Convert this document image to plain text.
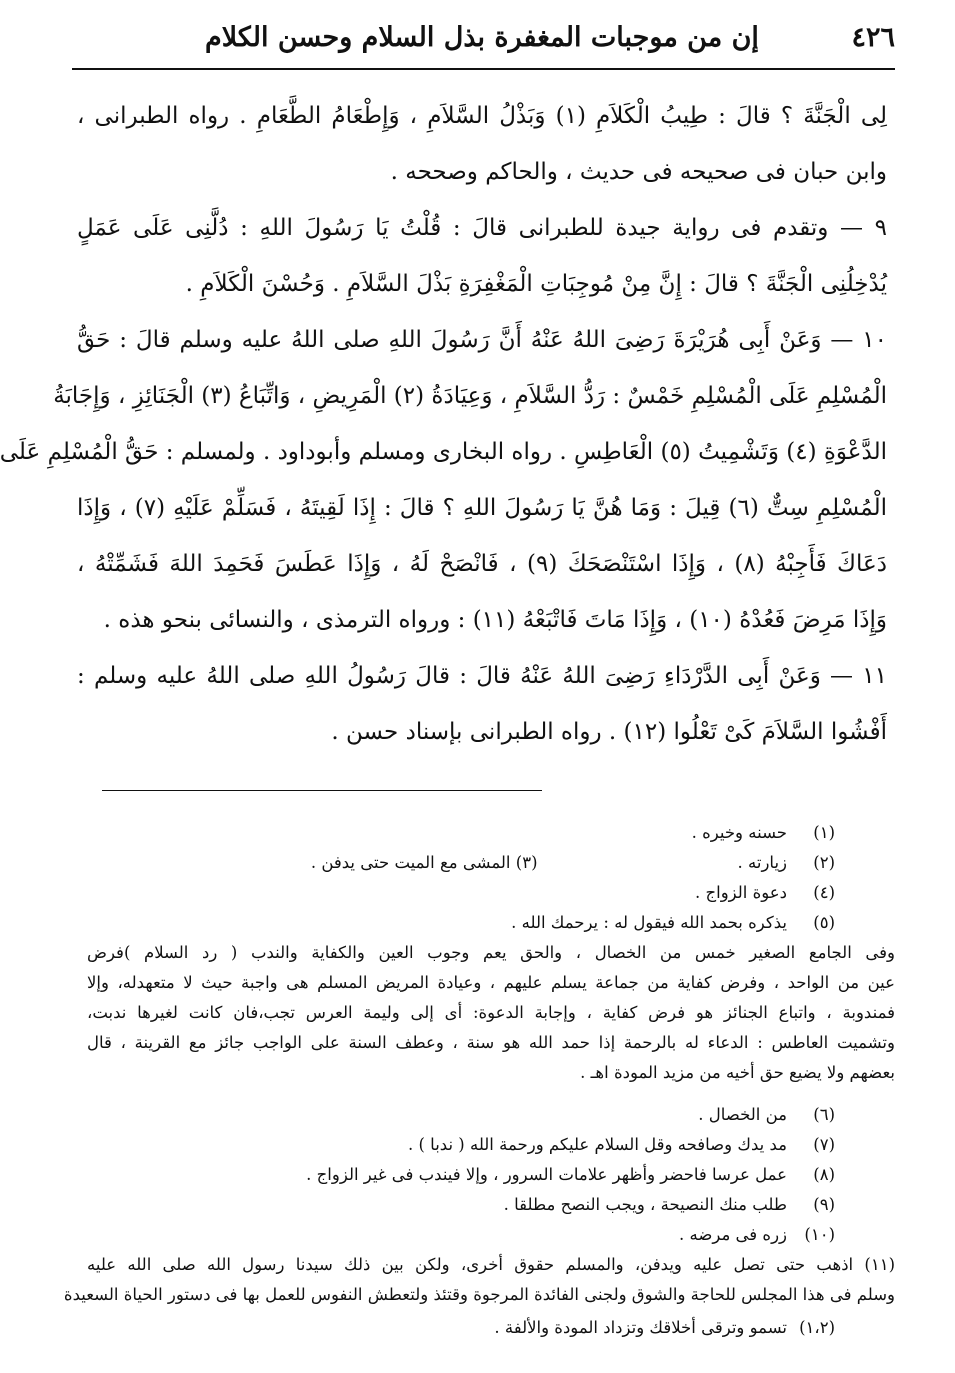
٤٢٦
إن من موجبات المغفرة بذل السلام وحسن الكلام
لِى الْجَنَّةَ ؟ قالَ : طِيبُ الْكَلاَمِ (١) وَبَذْلُ السَّلاَمِ ، وَإِطْعَامُ الطَّعَامِ . رواه الطبرانى ،
وابن حبان فى صحيحه فى حديث ، والحاكم وصححه .
٩ — وتقدم فى رواية جيدة للطبرانى قالَ : قُلْتُ يَا رَسُولَ اللهِ : دُلَّنِى عَلَى عَمَلٍ
يُدْخِلُنِى الْجَنَّةَ ؟ قالَ : إِنَّ مِنْ مُوجِبَاتِ الْمَغْفِرَةِ بَذْلَ السَّلاَمِ . وَحُسْنَ الْكَلاَمِ .
١٠ — وَعَنْ أَبِى هُرَيْرَةَ رَضِىَ اللهُ عَنْهُ أَنَّ رَسُولَ اللهِ صلى اللهُ عليه وسلم قالَ : حَقُّ
الْمُسْلِمِ عَلَى الْمُسْلِمِ خَمْسٌ : رَدُّ السَّلاَمِ ، وَعِيَادَةُ (٢) الْمَرِيضِ ، وَاتِّبَاعُ (٣) الْجَنَائِزِ ، وَإِجَابَةُ
الدَّعْوَةِ (٤) وَتَشْمِيتُ (٥) الْعَاطِسِ . رواه البخارى ومسلم وأبوداود . ولمسلم : حَقُّ الْمُسْلِمِ عَلَى
الْمُسْلِمِ سِتٌّ (٦) قِيلَ : وَمَا هُنَّ يَا رَسُولَ اللهِ ؟ قالَ : إِذَا لَقِيتَهُ ، فَسَلِّمْ عَلَيْهِ (٧) ، وَإِذَا
دَعَاكَ فَأَجِبْهُ (٨) ، وَإِذَا اسْتَنْصَحَكَ (٩) ، فَانْصَحْ لَهُ ، وَإِذَا عَطَسَ فَحَمِدَ اللهَ فَشَمِّتْهُ ،
وَإِذَا مَرِضَ فَعُدْهُ (١٠) ، وَإِذَا مَاتَ فَاتْبَعْهُ (١١) : ورواه الترمذى ، والنسائى بنحو هذه .
١١ — وَعَنْ أَبِى الدَّرْدَاءِ رَضِىَ اللهُ عَنْهُ قالَ : قالَ رَسُولُ اللهِ صلى اللهُ عليه وسلم :
أَفْشُوا السَّلاَمَ كَىْ تَعْلُوا (١٢) . رواه الطبرانى بإسناد حسن .
(١)حسنه وخيره .
(٢)زيارته .(٣) المشى مع الميت حتى يدفن .
(٤)دعوة الزواج .
(٥)يذكره بحمد الله فيقول له : يرحمك الله .
وفى الجامع الصغير خمس من الخصال ، والحق يعم وجوب العين والكفاية والندب ( رد السلام )فرض
عين من الواحد ، وفرض كفاية من جماعة يسلم عليهم ، وعيادة المريض المسلم هى واجبة حيث لا متعهدله، وإلا
فمندوبة ، واتباع الجنائز هو فرض كفاية ، وإجابة الدعوة: أى إلى وليمة العرس تجب،فان كانت لغيرها ندبت،
وتشميت العاطس : الدعاء له بالرحمة إذا حمد الله هو سنة ، وعطف السنة على الواجب جائز مع القرينة ، قال
بعضهم ولا يضيع حق أخيه من مزيد المودة اهـ .
(٦)من الخصال .
(٧)مد يدك وصافحه وقل السلام عليكم ورحمة الله ( ندبا ) .
(٨)عمل عرسا فاحضر وأظهر علامات السرور ، وإلا فيندب فى غير الزواج .
(٩)طلب منك النصيحة ، ويجب النصح مطلقا .
(١٠)زره فى مرضه .
(١١) اذهب حتى تصل عليه ويدفن، والمسلم حقوق أخرى، ولكن بين ذلك سيدنا رسول الله صلى الله عليه
وسلم فى هذا المجلس للحاجة والشوق ولجنى الفائدة المرجوة وقتئذ ولتعطش النفوس للعمل بها فى دستور الحياة السعيدة
(١،٢)تسمو وترقى أخلاقك وتزداد المودة والألفة .
